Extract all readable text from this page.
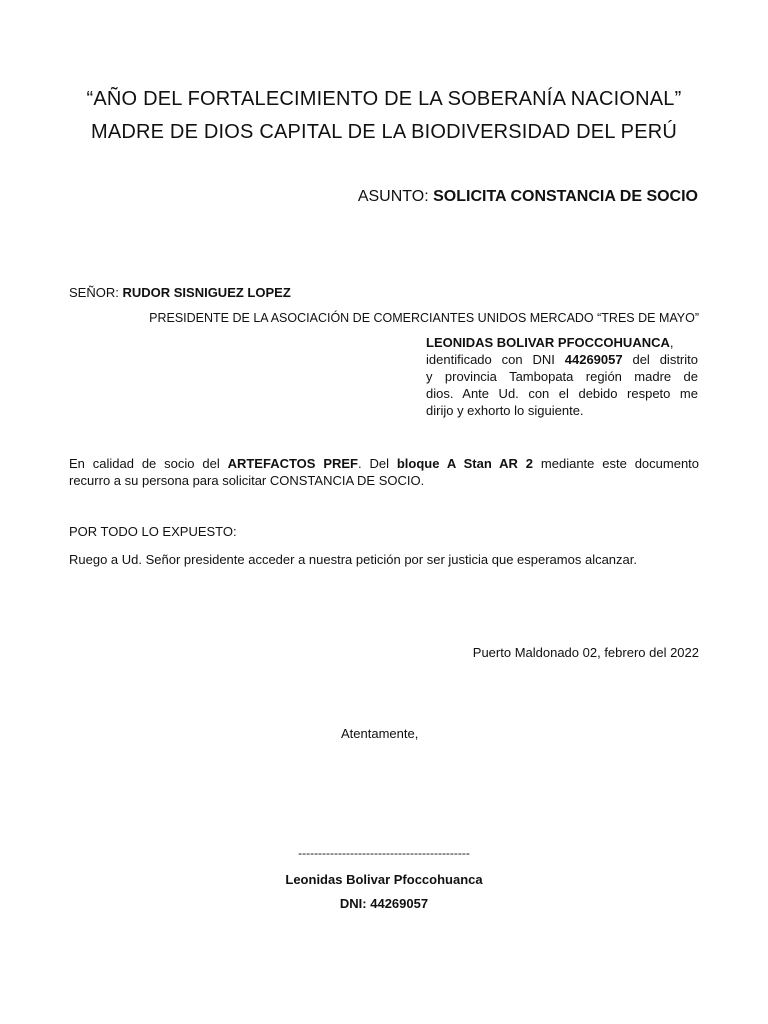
“AÑO DEL FORTALECIMIENTO DE LA SOBERANÍA NACIONAL”
MADRE DE DIOS CAPITAL DE LA BIODIVERSIDAD DEL PERÚ
ASUNTO: SOLICITA CONSTANCIA DE SOCIO
SEÑOR: RUDOR SISNIGUEZ LOPEZ
PRESIDENTE DE LA ASOCIACIÓN DE COMERCIANTES UNIDOS MERCADO “TRES DE MAYO”
LEONIDAS BOLIVAR PFOCCOHUANCA,
identificado con DNI 44269057 del distrito
y provincia Tambopata región madre de
dios. Ante Ud. con el debido respeto me
dirijo y exhorto lo siguiente.
En calidad de socio del ARTEFACTOS PREF. Del bloque A Stan AR 2 mediante este documento
recurro a su persona para solicitar CONSTANCIA DE SOCIO.
POR TODO LO EXPUESTO:
Ruego a Ud. Señor presidente acceder a nuestra petición por ser justicia que esperamos alcanzar.
Puerto Maldonado 02, febrero del 2022
Atentamente,
-------------------------------------------
Leonidas Bolivar Pfoccohuanca
DNI: 44269057
